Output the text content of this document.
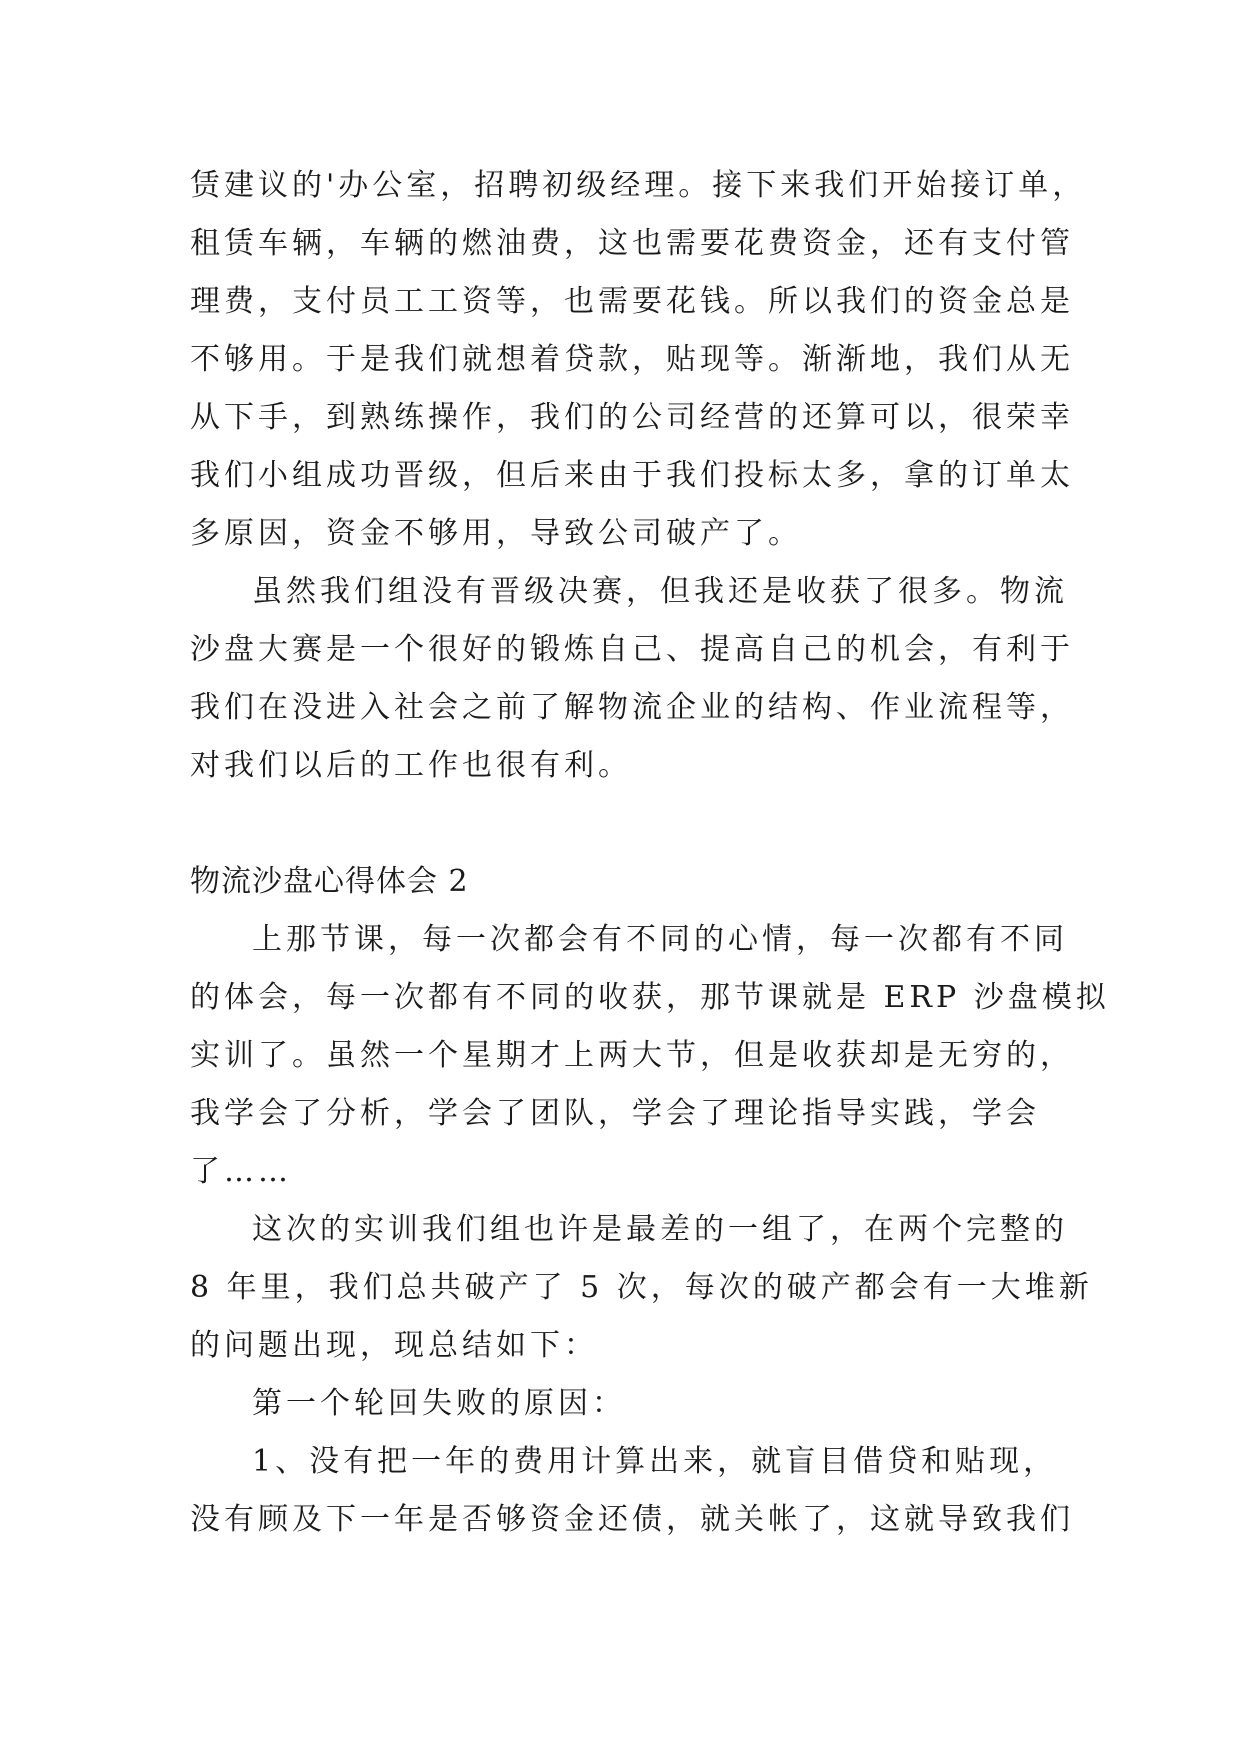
赁建议的'办公室，招聘初级经理。接下来我们开始接订单，
租赁车辆，车辆的燃油费，这也需要花费资金，还有支付管
理费，支付员工工资等，也需要花钱。所以我们的资金总是
不够用。于是我们就想着贷款，贴现等。渐渐地，我们从无
从下手，到熟练操作，我们的公司经营的还算可以，很荣幸
我们小组成功晋级，但后来由于我们投标太多，拿的订单太
多原因，资金不够用，导致公司破产了。
虽然我们组没有晋级决赛，但我还是收获了很多。物流
沙盘大赛是一个很好的锻炼自己、提高自己的机会，有利于
我们在没进入社会之前了解物流企业的结构、作业流程等，
对我们以后的工作也很有利。
物流沙盘心得体会 2
上那节课，每一次都会有不同的心情，每一次都有不同
的体会，每一次都有不同的收获，那节课就是 ERP 沙盘模拟
实训了。虽然一个星期才上两大节，但是收获却是无穷的，
我学会了分析，学会了团队，学会了理论指导实践，学会
了……
这次的实训我们组也许是最差的一组了，在两个完整的
8 年里，我们总共破产了 5 次，每次的破产都会有一大堆新
的问题出现，现总结如下：
第一个轮回失败的原因：
1、没有把一年的费用计算出来，就盲目借贷和贴现，
没有顾及下一年是否够资金还债，就关帐了，这就导致我们
